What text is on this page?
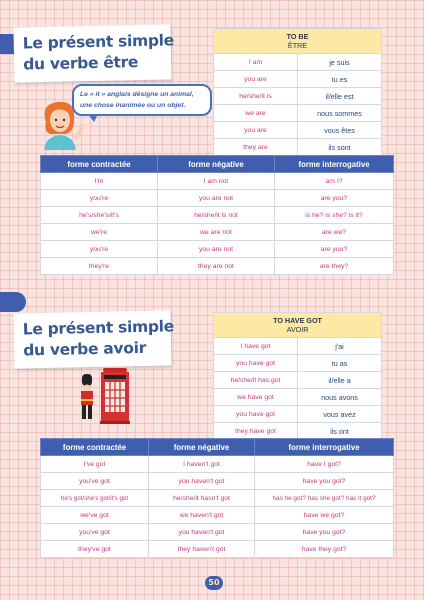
Le présent simple
du verbe être
Le « it » anglais désigne un animal, une chose inanimée ou un objet.
TO BE
ÊTRE	

I am	je suis
you are	tu es
he/she/it is	il/elle est
we are	nous sommes
you are	vous êtes
they are	ils sont
forme contractée	forme négative	forme interrogative
I'm	I am not	am I?
you're	you are not	are you?
he's/she's/it's	he/she/it is not	is he? is she? is it?
we're	we are not	are we?
you're	you are not	are you?
they're	they are not	are they?
Le présent simple
du verbe avoir
TO HAVE GOT
AVOIR	

I have got	j'ai
you have got	tu as
he/she/it has got	il/elle a
we have got	nous avons
you have got	vous avez
they have got	ils ont
forme contractée	forme négative	forme interrogative
I've got	I haven't got	have I got?
you've got	you haven't got	have you got?
he's got/she's got/it's got	he/she/it hasn't got	has he got? has she got? has it got?
we've got	we haven't got	have we got?
you've got	you haven't got	have you got?
they've got	they haven't got	have they got?
50
